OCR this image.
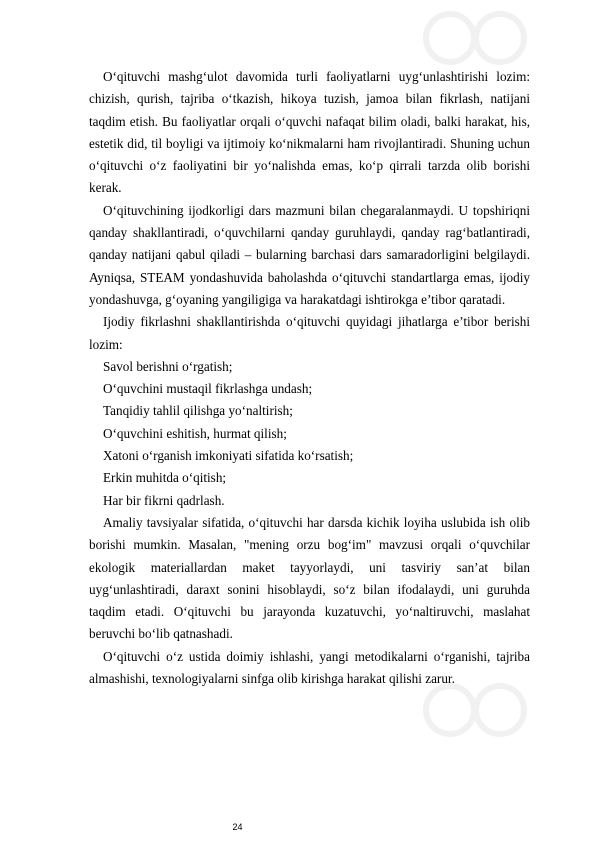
O‘qituvchi mashg‘ulot davomida turli faoliyatlarni uyg‘unlashtirishi lozim: chizish, qurish, tajriba o‘tkazish, hikoya tuzish, jamoa bilan fikrlash, natijani taqdim etish. Bu faoliyatlar orqali o‘quvchi nafaqat bilim oladi, balki harakat, his, estetik did, til boyligi va ijtimoiy ko‘nikmalarni ham rivojlantiradi. Shuning uchun o‘qituvchi o‘z faoliyatini bir yo‘nalishda emas, ko‘p qirrali tarzda olib borishi kerak.

O‘qituvchining ijodkorligi dars mazmuni bilan chegaralanmaydi. U topshiriqni qanday shakllantiradi, o‘quvchilarni qanday guruhlaydi, qanday rag‘batlantiradi, qanday natijani qabul qiladi – bularning barchasi dars samaradorligini belgilaydi. Ayniqsa, STEAM yondashuvida baholashda o‘qituvchi standartlarga emas, ijodiy yondashuvga, g‘oyaning yangiligiga va harakatdagi ishtirokga e’tibor qaratadi.

Ijodiy fikrlashni shakllantirishda o‘qituvchi quyidagi jihatlarga e’tibor berishi lozim:

Savol berishni o‘rgatish;

O‘quvchini mustaqil fikrlashga undash;

Tanqidiy tahlil qilishga yo‘naltirish;

O‘quvchini eshitish, hurmat qilish;

Xatoni o‘rganish imkoniyati sifatida ko‘rsatish;

Erkin muhitda o‘qitish;

Har bir fikrni qadrlash.

Amaliy tavsiyalar sifatida, o‘qituvchi har darsda kichik loyiha uslubida ish olib borishi mumkin. Masalan, "mening orzu bog‘im" mavzusi orqali o‘quvchilar ekologik materiallardan maket tayyorlaydi, uni tasviriy san’at bilan uyg‘unlashtiradi, daraxt sonini hisoblaydi, so‘z bilan ifodalaydi, uni guruhda taqdim etadi. O‘qituvchi bu jarayonda kuzatuvchi, yo‘naltiruvchi, maslahat beruvchi bo‘lib qatnashadi.

O‘qituvchi o‘z ustida doimiy ishlashi, yangi metodikalarni o‘rganishi, tajriba almashishi, texnologiyalarni sinfga olib kirishga harakat qilishi zarur.

24
